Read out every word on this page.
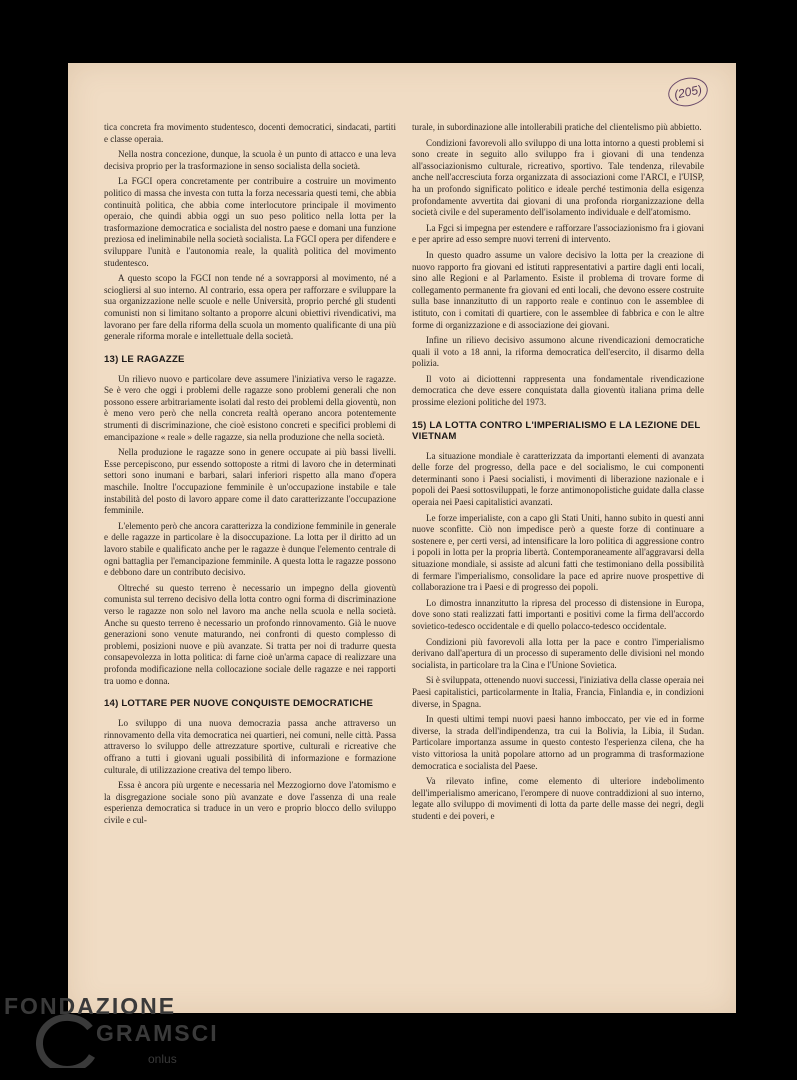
(205)

tica concreta fra movimento studentesco, docenti democratici, sindacati, partiti e classe operaia.

Nella nostra concezione, dunque, la scuola è un punto di attacco e una leva decisiva proprio per la trasformazione in senso socialista della società.

La FGCI opera concretamente per contribuire a costruire un movimento politico di massa che investa con tutta la forza necessaria questi temi, che abbia continuità politica, che abbia come interlocutore principale il movimento operaio, che quindi abbia oggi un suo peso politico nella lotta per la trasformazione democratica e socialista del nostro paese e domani una funzione preziosa ed ineliminabile nella società socialista. La FGCI opera per difendere e sviluppare l'unità e l'autonomia reale, la qualità politica del movimento studentesco.

A questo scopo la FGCI non tende né a sovrapporsi al movimento, né a sciogliersi al suo interno. Al contrario, essa opera per rafforzare e sviluppare la sua organizzazione nelle scuole e nelle Università, proprio perché gli studenti comunisti non si limitano soltanto a proporre alcuni obiettivi rivendicativi, ma lavorano per fare della riforma della scuola un momento qualificante di una più generale riforma morale e intellettuale della società.

13) LE RAGAZZE

Un rilievo nuovo e particolare deve assumere l'iniziativa verso le ragazze. Se è vero che oggi i problemi delle ragazze sono problemi generali che non possono essere arbitrariamente isolati dal resto dei problemi della gioventù, non è meno vero però che nella concreta realtà operano ancora potentemente strumenti di discriminazione, che cioè esistono concreti e specifici problemi di emancipazione « reale » delle ragazze, sia nella produzione che nella società.

Nella produzione le ragazze sono in genere occupate ai più bassi livelli. Esse percepiscono, pur essendo sottoposte a ritmi di lavoro che in determinati settori sono inumani e barbari, salari inferiori rispetto alla mano d'opera maschile. Inoltre l'occupazione femminile è un'occupazione instabile e tale instabilità del posto di lavoro appare come il dato caratterizzante l'occupazione femminile.

L'elemento però che ancora caratterizza la condizione femminile in generale e delle ragazze in particolare è la disoccupazione. La lotta per il diritto ad un lavoro stabile e qualificato anche per le ragazze è dunque l'elemento centrale di ogni battaglia per l'emancipazione femminile. A questa lotta le ragazze possono e debbono dare un contributo decisivo.

Oltreché su questo terreno è necessario un impegno della gioventù comunista sul terreno decisivo della lotta contro ogni forma di discriminazione verso le ragazze non solo nel lavoro ma anche nella scuola e nella società. Anche su questo terreno è necessario un profondo rinnovamento. Già le nuove generazioni sono venute maturando, nei confronti di questo complesso di problemi, posizioni nuove e più avanzate. Si tratta per noi di tradurre questa consapevolezza in lotta politica: di farne cioè un'arma capace di realizzare una profonda modificazione nella collocazione sociale delle ragazze e nei rapporti tra uomo e donna.

14) LOTTARE PER NUOVE CONQUISTE DEMOCRATICHE

Lo sviluppo di una nuova democrazia passa anche attraverso un rinnovamento della vita democratica nei quartieri, nei comuni, nelle città. Passa attraverso lo sviluppo delle attrezzature sportive, culturali e ricreative che offrano a tutti i giovani uguali possibilità di informazione e formazione culturale, di utilizzazione creativa del tempo libero.

Essa è ancora più urgente e necessaria nel Mezzogiorno dove l'atomismo e la disgregazione sociale sono più avanzate e dove l'assenza di una reale esperienza democratica si traduce in un vero e proprio blocco dello sviluppo civile e cul-

turale, in subordinazione alle intollerabili pratiche del clientelismo più abbietto.

Condizioni favorevoli allo sviluppo di una lotta intorno a questi problemi si sono create in seguito allo sviluppo fra i giovani di una tendenza all'associazionismo culturale, ricreativo, sportivo. Tale tendenza, rilevabile anche nell'accresciuta forza organizzata di associazioni come l'ARCI, e l'UISP, ha un profondo significato politico e ideale perché testimonia della esigenza profondamente avvertita dai giovani di una profonda riorganizzazione della società civile e del superamento dell'isolamento individuale e dell'atomismo.

La Fgci si impegna per estendere e rafforzare l'associazionismo fra i giovani e per aprire ad esso sempre nuovi terreni di intervento.

In questo quadro assume un valore decisivo la lotta per la creazione di nuovo rapporto fra giovani ed istituti rappresentativi a partire dagli enti locali, sino alle Regioni e al Parlamento. Esiste il problema di trovare forme di collegamento permanente fra giovani ed enti locali, che devono essere costruite sulla base innanzitutto di un rapporto reale e continuo con le assemblee di istituto, con i comitati di quartiere, con le assemblee di fabbrica e con le altre forme di organizzazione e di associazione dei giovani.

Infine un rilievo decisivo assumono alcune rivendicazioni democratiche quali il voto a 18 anni, la riforma democratica dell'esercito, il disarmo della polizia.

Il voto ai diciottenni rappresenta una fondamentale rivendicazione democratica che deve essere conquistata dalla gioventù italiana prima delle prossime elezioni politiche del 1973.

15) LA LOTTA CONTRO L'IMPERIALISMO E LA LEZIONE DEL VIETNAM

La situazione mondiale è caratterizzata da importanti elementi di avanzata delle forze del progresso, della pace e del socialismo, le cui componenti determinanti sono i Paesi socialisti, i movimenti di liberazione nazionale e i popoli dei Paesi sottosviluppati, le forze antimonopolistiche guidate dalla classe operaia nei Paesi capitalistici avanzati.

Le forze imperialiste, con a capo gli Stati Uniti, hanno subito in questi anni nuove sconfitte. Ciò non impedisce però a queste forze di continuare a sostenere e, per certi versi, ad intensificare la loro politica di aggressione contro i popoli in lotta per la propria libertà. Contemporaneamente all'aggravarsi della situazione mondiale, si assiste ad alcuni fatti che testimoniano della possibilità di fermare l'imperialismo, consolidare la pace ed aprire nuove prospettive di collaborazione tra i Paesi e di progresso dei popoli.

Lo dimostra innanzitutto la ripresa del processo di distensione in Europa, dove sono stati realizzati fatti importanti e positivi come la firma dell'accordo sovietico-tedesco occidentale e di quello polacco-tedesco occidentale.

Condizioni più favorevoli alla lotta per la pace e contro l'imperialismo derivano dall'apertura di un processo di superamento delle divisioni nel mondo socialista, in particolare tra la Cina e l'Unione Sovietica.

Si è sviluppata, ottenendo nuovi successi, l'iniziativa della classe operaia nei Paesi capitalistici, particolarmente in Italia, Francia, Finlandia e, in condizioni diverse, in Spagna.

In questi ultimi tempi nuovi paesi hanno imboccato, per vie ed in forme diverse, la strada dell'indipendenza, tra cui la Bolivia, la Libia, il Sudan. Particolare importanza assume in questo contesto l'esperienza cilena, che ha visto vittoriosa la unità popolare attorno ad un programma di trasformazione democratica e socialista del Paese.

Va rilevato infine, come elemento di ulteriore indebolimento dell'imperialismo americano, l'erompere di nuove contraddizioni al suo interno, legate allo sviluppo di movimenti di lotta da parte delle masse dei negri, degli studenti e dei poveri, e

FONDAZIONE
GRAMSCI
onlus
